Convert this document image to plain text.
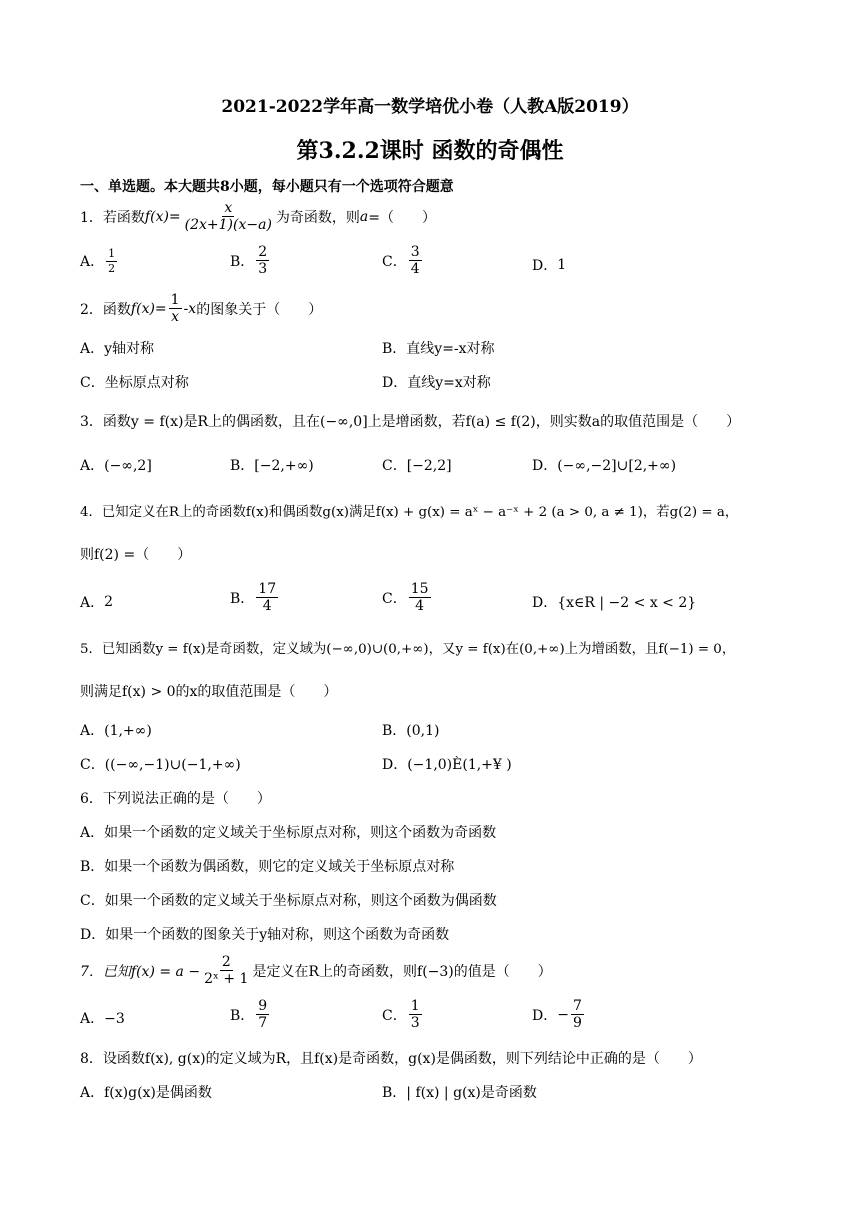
2021-2022学年高一数学培优小卷（人教A版2019）
第3.2.2课时 函数的奇偶性
一、单选题。本大题共8小题，每小题只有一个选项符合题意
1．若函数 $f(x)= \frac{x}{(2x+1)(x-a)}$ 为奇函数，则 a =（　　）
A． $\frac{1}{2}$	B． $\frac{2}{3}$	C． $\frac{3}{4}$	D． 1
2．函数 $f(x)= \frac{1}{x} -x$ 的图象关于（　　）
A．y轴对称	B．直线y=-x对称
C．坐标原点对称	D．直线y=x对称
3．函数y = f(x)是R上的偶函数，且在(−∞,0]上是增函数，若f(a) ≤ f(2)，则实数a的取值范围是（　　）
A．(−∞,2]	B．[−2,+∞)	C．[−2,2]	D．(−∞,−2]∪[2,+∞)
4．已知定义在R上的奇函数f(x)和偶函数g(x)满足f(x) + g(x) = aˣ − a⁻ˣ + 2 (a > 0, a ≠ 1)，若g(2) = a，
则f(2) =（　　）
A． 2	B． $\frac{17}{4}$	C． $\frac{15}{4}$	D．{x∈R | −2 < x < 2}
5．已知函数y = f(x)是奇函数，定义域为(−∞,0)∪(0,+∞)，又y = f(x)在(0,+∞)上为增函数，且f(−1) = 0，
则满足f(x) > 0的x的取值范围是（　　）
A．(1,+∞)	B．(0,1)
C．((−∞,−1)∪(−1,+∞)	D．(−1,0)È(1,+¥ )
6．下列说法正确的是（　　）
A．如果一个函数的定义域关于坐标原点对称，则这个函数为奇函数
B．如果一个函数为偶函数，则它的定义域关于坐标原点对称
C．如果一个函数的定义域关于坐标原点对称，则这个函数为偶函数
D．如果一个函数的图象关于y轴对称，则这个函数为奇函数
7．已知$f(x) = a - \frac{2}{\text{2ˣ + 1}}$ 是定义在R上的奇函数，则f(−3)的值是（　　）
A．−3	B． $\frac{9}{7}$	C． $\frac{1}{3}$	D． − $\frac{7}{9}$
8．设函数f(x), g(x)的定义域为R，且f(x)是奇函数，g(x)是偶函数，则下列结论中正确的是（　　）
A．f(x)g(x)是偶函数	B．| f(x) | g(x)是奇函数
